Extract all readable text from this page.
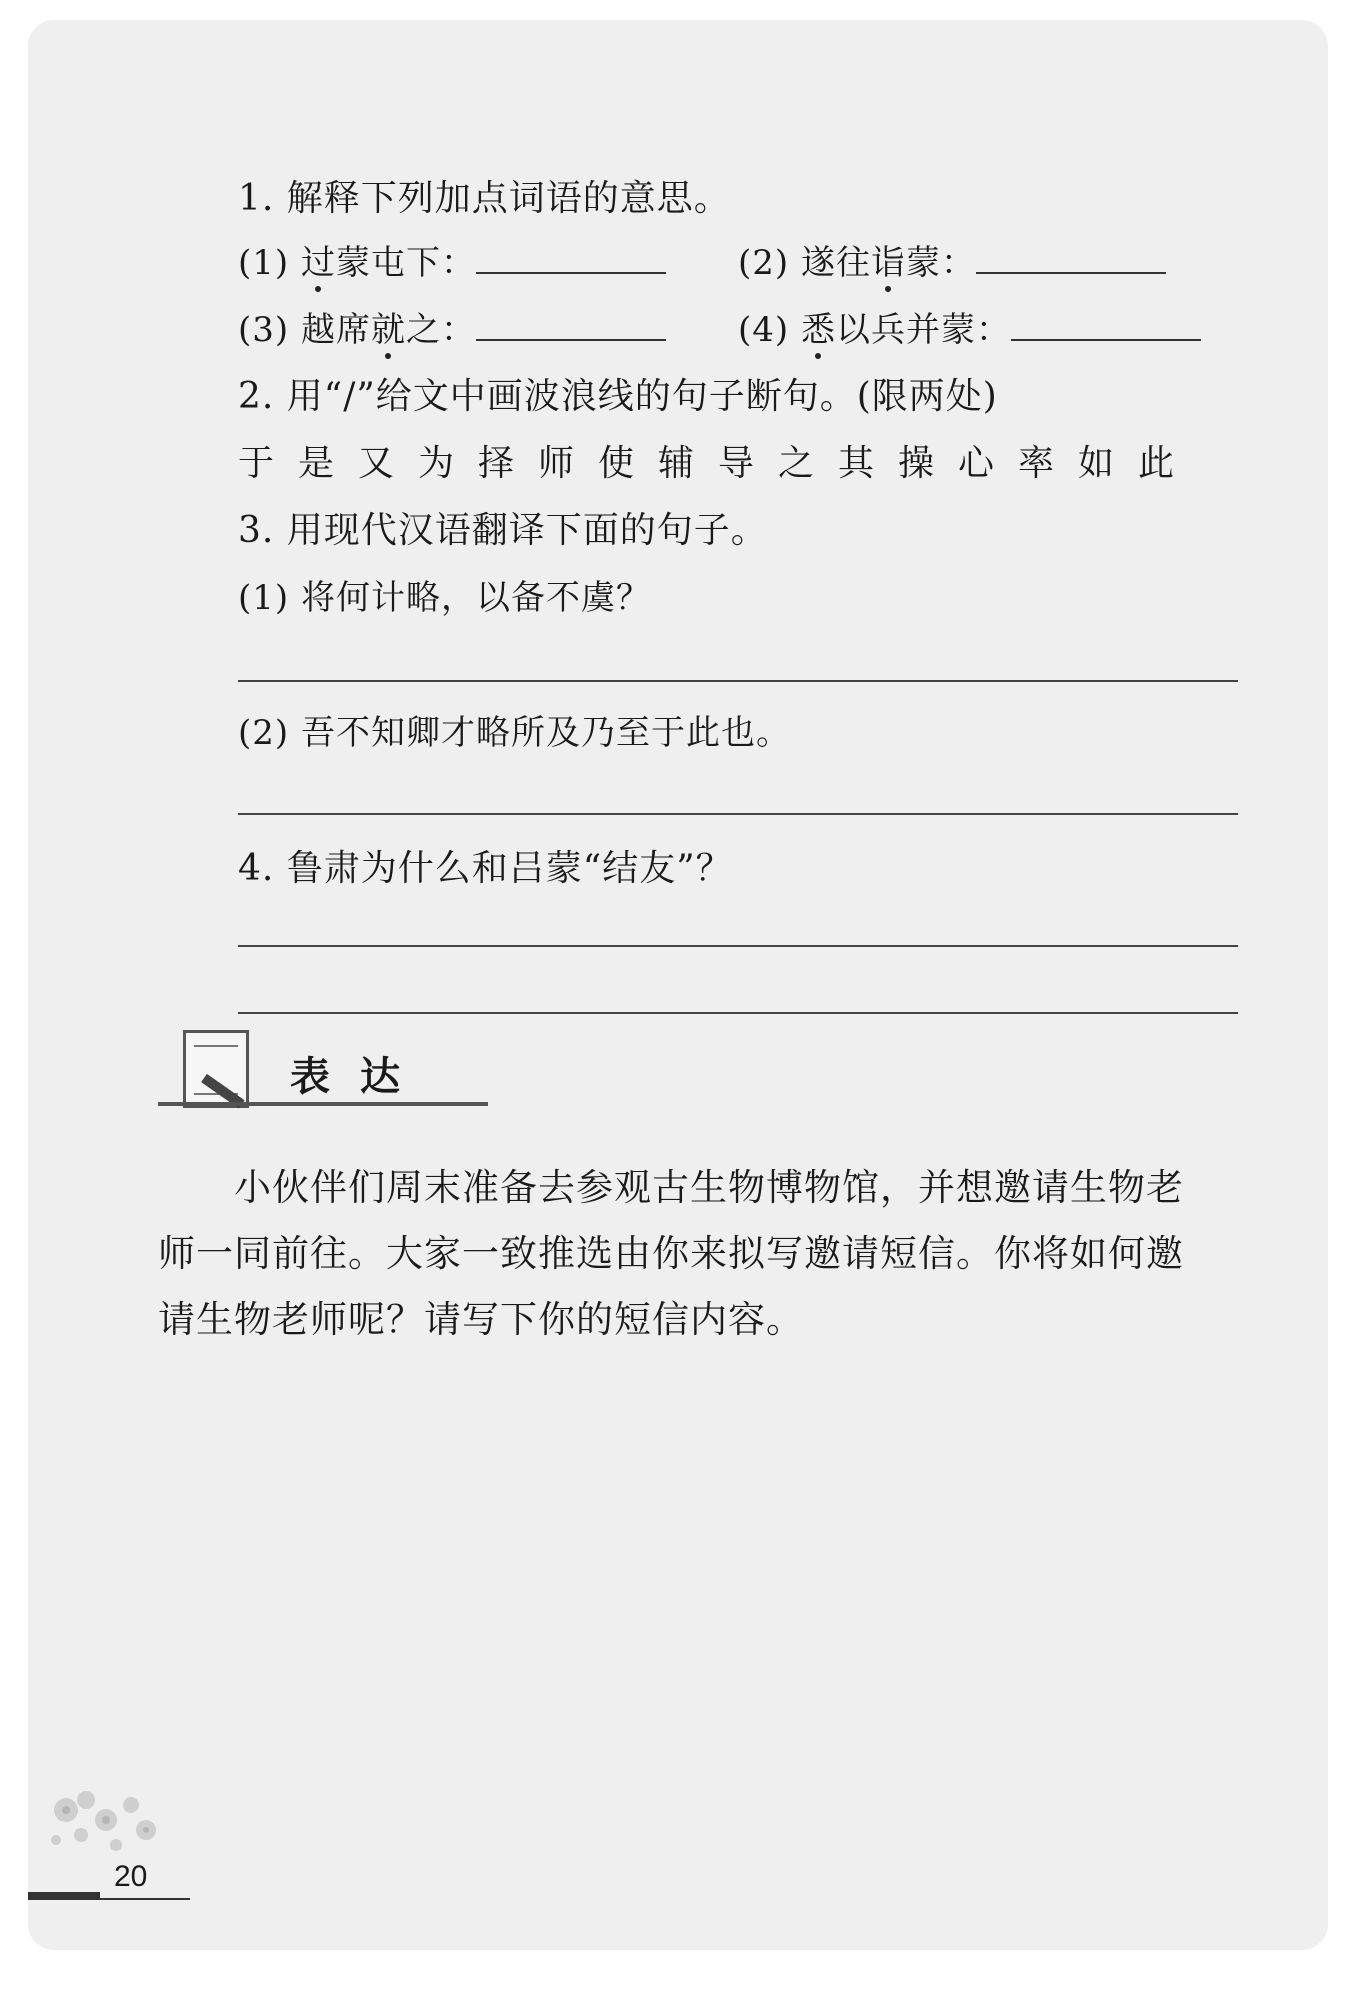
1. 解释下列加点词语的意思。
(1) 过蒙屯下：	(2) 遂往诣蒙：
(3) 越席就之：	(4) 悉以兵并蒙：
2. 用“/”给文中画波浪线的句子断句。(限两处)
于是又为择师使辅导之其操心率如此
3. 用现代汉语翻译下面的句子。
(1) 将何计略，以备不虞？
(2) 吾不知卿才略所及乃至于此也。
4. 鲁肃为什么和吕蒙“结友”？
表达

小伙伴们周末准备去参观古生物博物馆，并想邀请生物老

师一同前往。大家一致推选由你来拟写邀请短信。你将如何邀

请生物老师呢？请写下你的短信内容。

20
